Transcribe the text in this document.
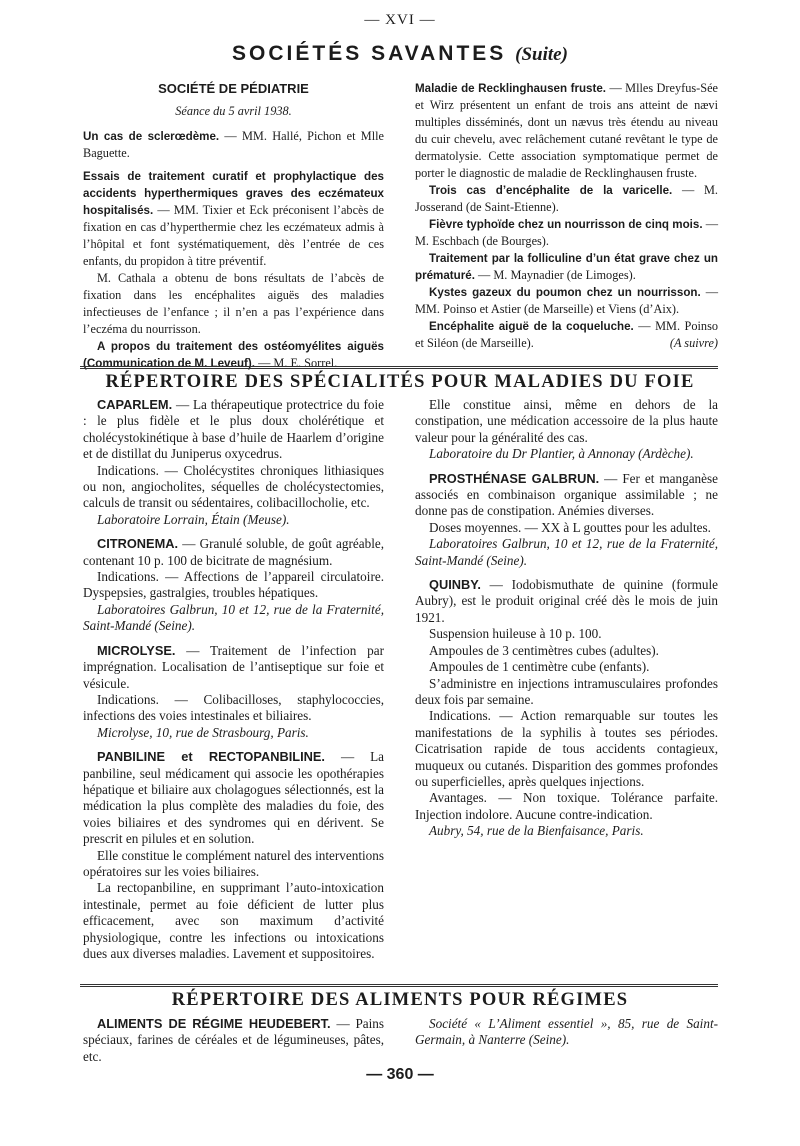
— XVI —
SOCIÉTÉS SAVANTES (Suite)

SOCIÉTÉ DE PÉDIATRIE

Séance du 5 avril 1938.

Un cas de sclerœdème. — MM. Hallé, Pichon et Mlle Baguette.

Essais de traitement curatif et prophylactique des accidents hyperthermiques graves des eczémateux hospitalisés. — MM. Tixier et Eck préconisent l’abcès de fixation en cas d’hyperthermie chez les eczémateux admis à l’hôpital et font systématiquement, dès l’entrée de ces enfants, du propidon à titre préventif.

M. Cathala a obtenu de bons résultats de l’abcès de fixation dans les encéphalites aiguës des maladies infectieuses de l’enfance ; il n’en a pas l’expérience dans l’eczéma du nourrisson.

A propos du traitement des ostéomyélites aiguës (Communication de M. Leveuf). — M. E. Sorrel.

Maladie de Recklinghausen fruste. — Mlles Dreyfus-Sée et Wirz présentent un enfant de trois ans atteint de nævi multiples disséminés, dont un nævus très étendu au niveau du cuir chevelu, avec relâchement cutané revêtant le type de dermatolysie. Cette association symptomatique permet de porter le diagnostic de maladie de Recklinghausen fruste.

Trois cas d’encéphalite de la varicelle. — M. Josserand (de Saint-Etienne).

Fièvre typhoïde chez un nourrisson de cinq mois. — M. Eschbach (de Bourges).

Traitement par la folliculine d’un état grave chez un prématuré. — M. Maynadier (de Limoges).

Kystes gazeux du poumon chez un nourrisson. — MM. Poinso et Astier (de Marseille) et Viens (d’Aix).

Encéphalite aiguë de la coqueluche. — MM. Poinso et Siléon (de Marseille).	(A suivre)

RÉPERTOIRE DES SPÉCIALITÉS POUR MALADIES DU FOIE

CAPARLEM. — La thérapeutique protectrice du foie : le plus fidèle et le plus doux cholérétique et cholécystokinétique à base d’huile de Haarlem d’origine et de distillat du Juniperus oxycedrus.

Indications. — Cholécystites chroniques lithiasiques ou non, angiocholites, séquelles de cholécystectomies, calculs de transit ou sédentaires, colibacillocholie, etc.

Laboratoire Lorrain, Étain (Meuse).

CITRONEMA. — Granulé soluble, de goût agréable, contenant 10 p. 100 de bicitrate de magnésium.

Indications. — Affections de l’appareil circulatoire. Dyspepsies, gastralgies, troubles hépatiques.

Laboratoires Galbrun, 10 et 12, rue de la Fraternité, Saint-Mandé (Seine).

MICROLYSE. — Traitement de l’infection par imprégnation. Localisation de l’antiseptique sur foie et vésicule.

Indications. — Colibacilloses, staphylococcies, infections des voies intestinales et biliaires.

Microlyse, 10, rue de Strasbourg, Paris.

PANBILINE et RECTOPANBILINE. — La panbiline, seul médicament qui associe les opothérapies hépatique et biliaire aux cholagogues sélectionnés, est la médication la plus complète des maladies du foie, des voies biliaires et des syndromes qui en dérivent. Se prescrit en pilules et en solution.

Elle constitue le complément naturel des interventions opératoires sur les voies biliaires.

La rectopanbiline, en supprimant l’auto-intoxication intestinale, permet au foie déficient de lutter plus efficacement, avec son maximum d’activité physiologique, contre les infections ou intoxications dues aux diverses maladies. Lavement et suppositoires.

Elle constitue ainsi, même en dehors de la constipation, une médication accessoire de la plus haute valeur pour la généralité des cas.

Laboratoire du Dr Plantier, à Annonay (Ardèche).

PROSTHÉNASE GALBRUN. — Fer et manganèse associés en combinaison organique assimilable ; ne donne pas de constipation. Anémies diverses.

Doses moyennes. — XX à L gouttes pour les adultes.

Laboratoires Galbrun, 10 et 12, rue de la Fraternité, Saint-Mandé (Seine).

QUINBY. — Iodobismuthate de quinine (formule Aubry), est le produit original créé dès le mois de juin 1921.

Suspension huileuse à 10 p. 100.

Ampoules de 3 centimètres cubes (adultes).

Ampoules de 1 centimètre cube (enfants).

S’administre en injections intramusculaires profondes deux fois par semaine.

Indications. — Action remarquable sur toutes les manifestations de la syphilis à toutes ses périodes. Cicatrisation rapide de tous accidents contagieux, muqueux ou cutanés. Disparition des gommes profondes ou superficielles, après quelques injections.

Avantages. — Non toxique. Tolérance parfaite. Injection indolore. Aucune contre-indication.

Aubry, 54, rue de la Bienfaisance, Paris.

RÉPERTOIRE DES ALIMENTS POUR RÉGIMES

ALIMENTS DE RÉGIME HEUDEBERT. — Pains spéciaux, farines de céréales et de légumineuses, pâtes, etc.

Société « L’Aliment essentiel », 85, rue de Saint-Germain, à Nanterre (Seine).

— 360 —
